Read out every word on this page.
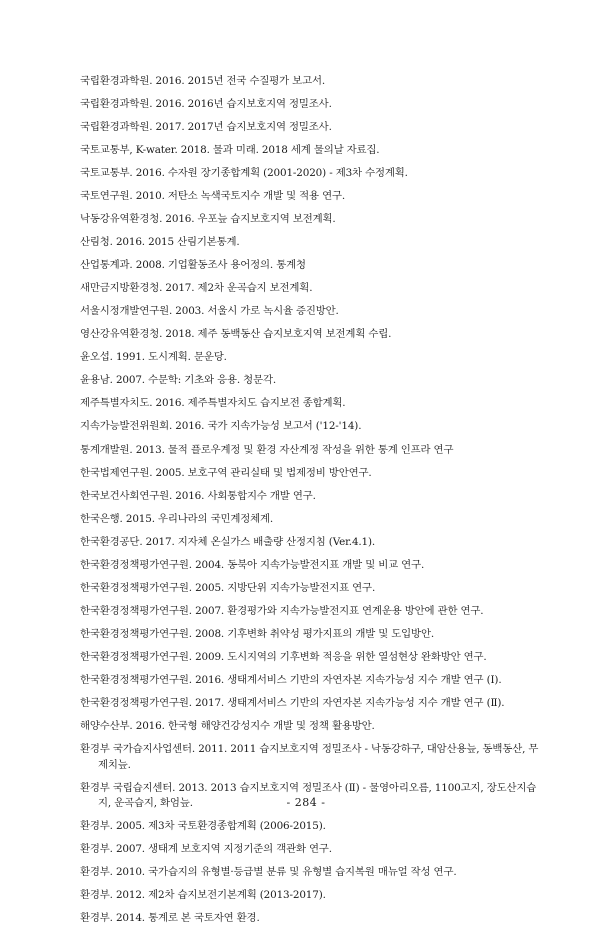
국립환경과학원. 2016. 2015년 전국 수질평가 보고서.
국립환경과학원. 2016. 2016년 습지보호지역 정밀조사.
국립환경과학원. 2017. 2017년 습지보호지역 정밀조사.
국토교통부, K-water. 2018. 물과 미래. 2018 세계 물의날 자료집.
국토교통부. 2016. 수자원 장기종합계획 (2001-2020) - 제3차 수정계획.
국토연구원. 2010. 저탄소 녹색국토지수 개발 및 적용 연구.
낙동강유역환경청. 2016. 우포늪 습지보호지역 보전계획.
산림청. 2016. 2015 산림기본통계.
산업통계과. 2008. 기업활동조사 용어정의. 통계청
새만금지방환경청. 2017. 제2차 운곡습지 보전계획.
서울시정개발연구원. 2003. 서울시 가로 녹시율 증진방안.
영산강유역환경청. 2018. 제주 동백동산 습지보호지역 보전계획 수립.
윤오섭. 1991. 도시계획. 문운당.
윤용남. 2007. 수문학: 기초와 응용. 청문각.
제주특별자치도. 2016. 제주특별자치도 습지보전 종합계획.
지속가능발전위원회. 2016. 국가 지속가능성 보고서 ('12-'14).
통계개발원. 2013. 물적 플로우계정 및 환경 자산계정 작성을 위한 통계 인프라 연구
한국법제연구원. 2005. 보호구역 관리실태 및 법제정비 방안연구.
한국보건사회연구원. 2016. 사회통합지수 개발 연구.
한국은행. 2015. 우리나라의 국민계정체계.
한국환경공단. 2017. 지자체 온실가스 배출량 산정지침 (Ver.4.1).
한국환경정책평가연구원. 2004. 동북아 지속가능발전지표 개발 및 비교 연구.
한국환경정책평가연구원. 2005. 지방단위 지속가능발전지표 연구.
한국환경정책평가연구원. 2007. 환경평가와 지속가능발전지표 연계운용 방안에 관한 연구.
한국환경정책평가연구원. 2008. 기후변화 취약성 평가지표의 개발 및 도입방안.
한국환경정책평가연구원. 2009. 도시지역의 기후변화 적응을 위한 열섬현상 완화방안 연구.
한국환경정책평가연구원. 2016. 생태계서비스 기반의 자연자본 지속가능성 지수 개발 연구 (Ⅰ).
한국환경정책평가연구원. 2017. 생태계서비스 기반의 자연자본 지속가능성 지수 개발 연구 (Ⅱ).
해양수산부. 2016. 한국형 해양건강성지수 개발 및 정책 활용방안.
환경부 국가습지사업센터. 2011. 2011 습지보호지역 정밀조사 - 낙동강하구, 대암산용늪, 동백동산, 무제치늪.
환경부 국립습지센터. 2013. 2013 습지보호지역 정밀조사 (Ⅱ) - 물영아리오름, 1100고지, 장도산지습지, 운곡습지, 화엄늪.
환경부. 2005. 제3차 국토환경종합계획 (2006-2015).
환경부. 2007. 생태계 보호지역 지정기준의 객관화 연구.
환경부. 2010. 국가습지의 유형별·등급별 분류 및 유형별 습지복원 매뉴얼 작성 연구.
환경부. 2012. 제2차 습지보전기본계획 (2013-2017).
환경부. 2014. 통계로 본 국토자연 환경.
- 284 -
